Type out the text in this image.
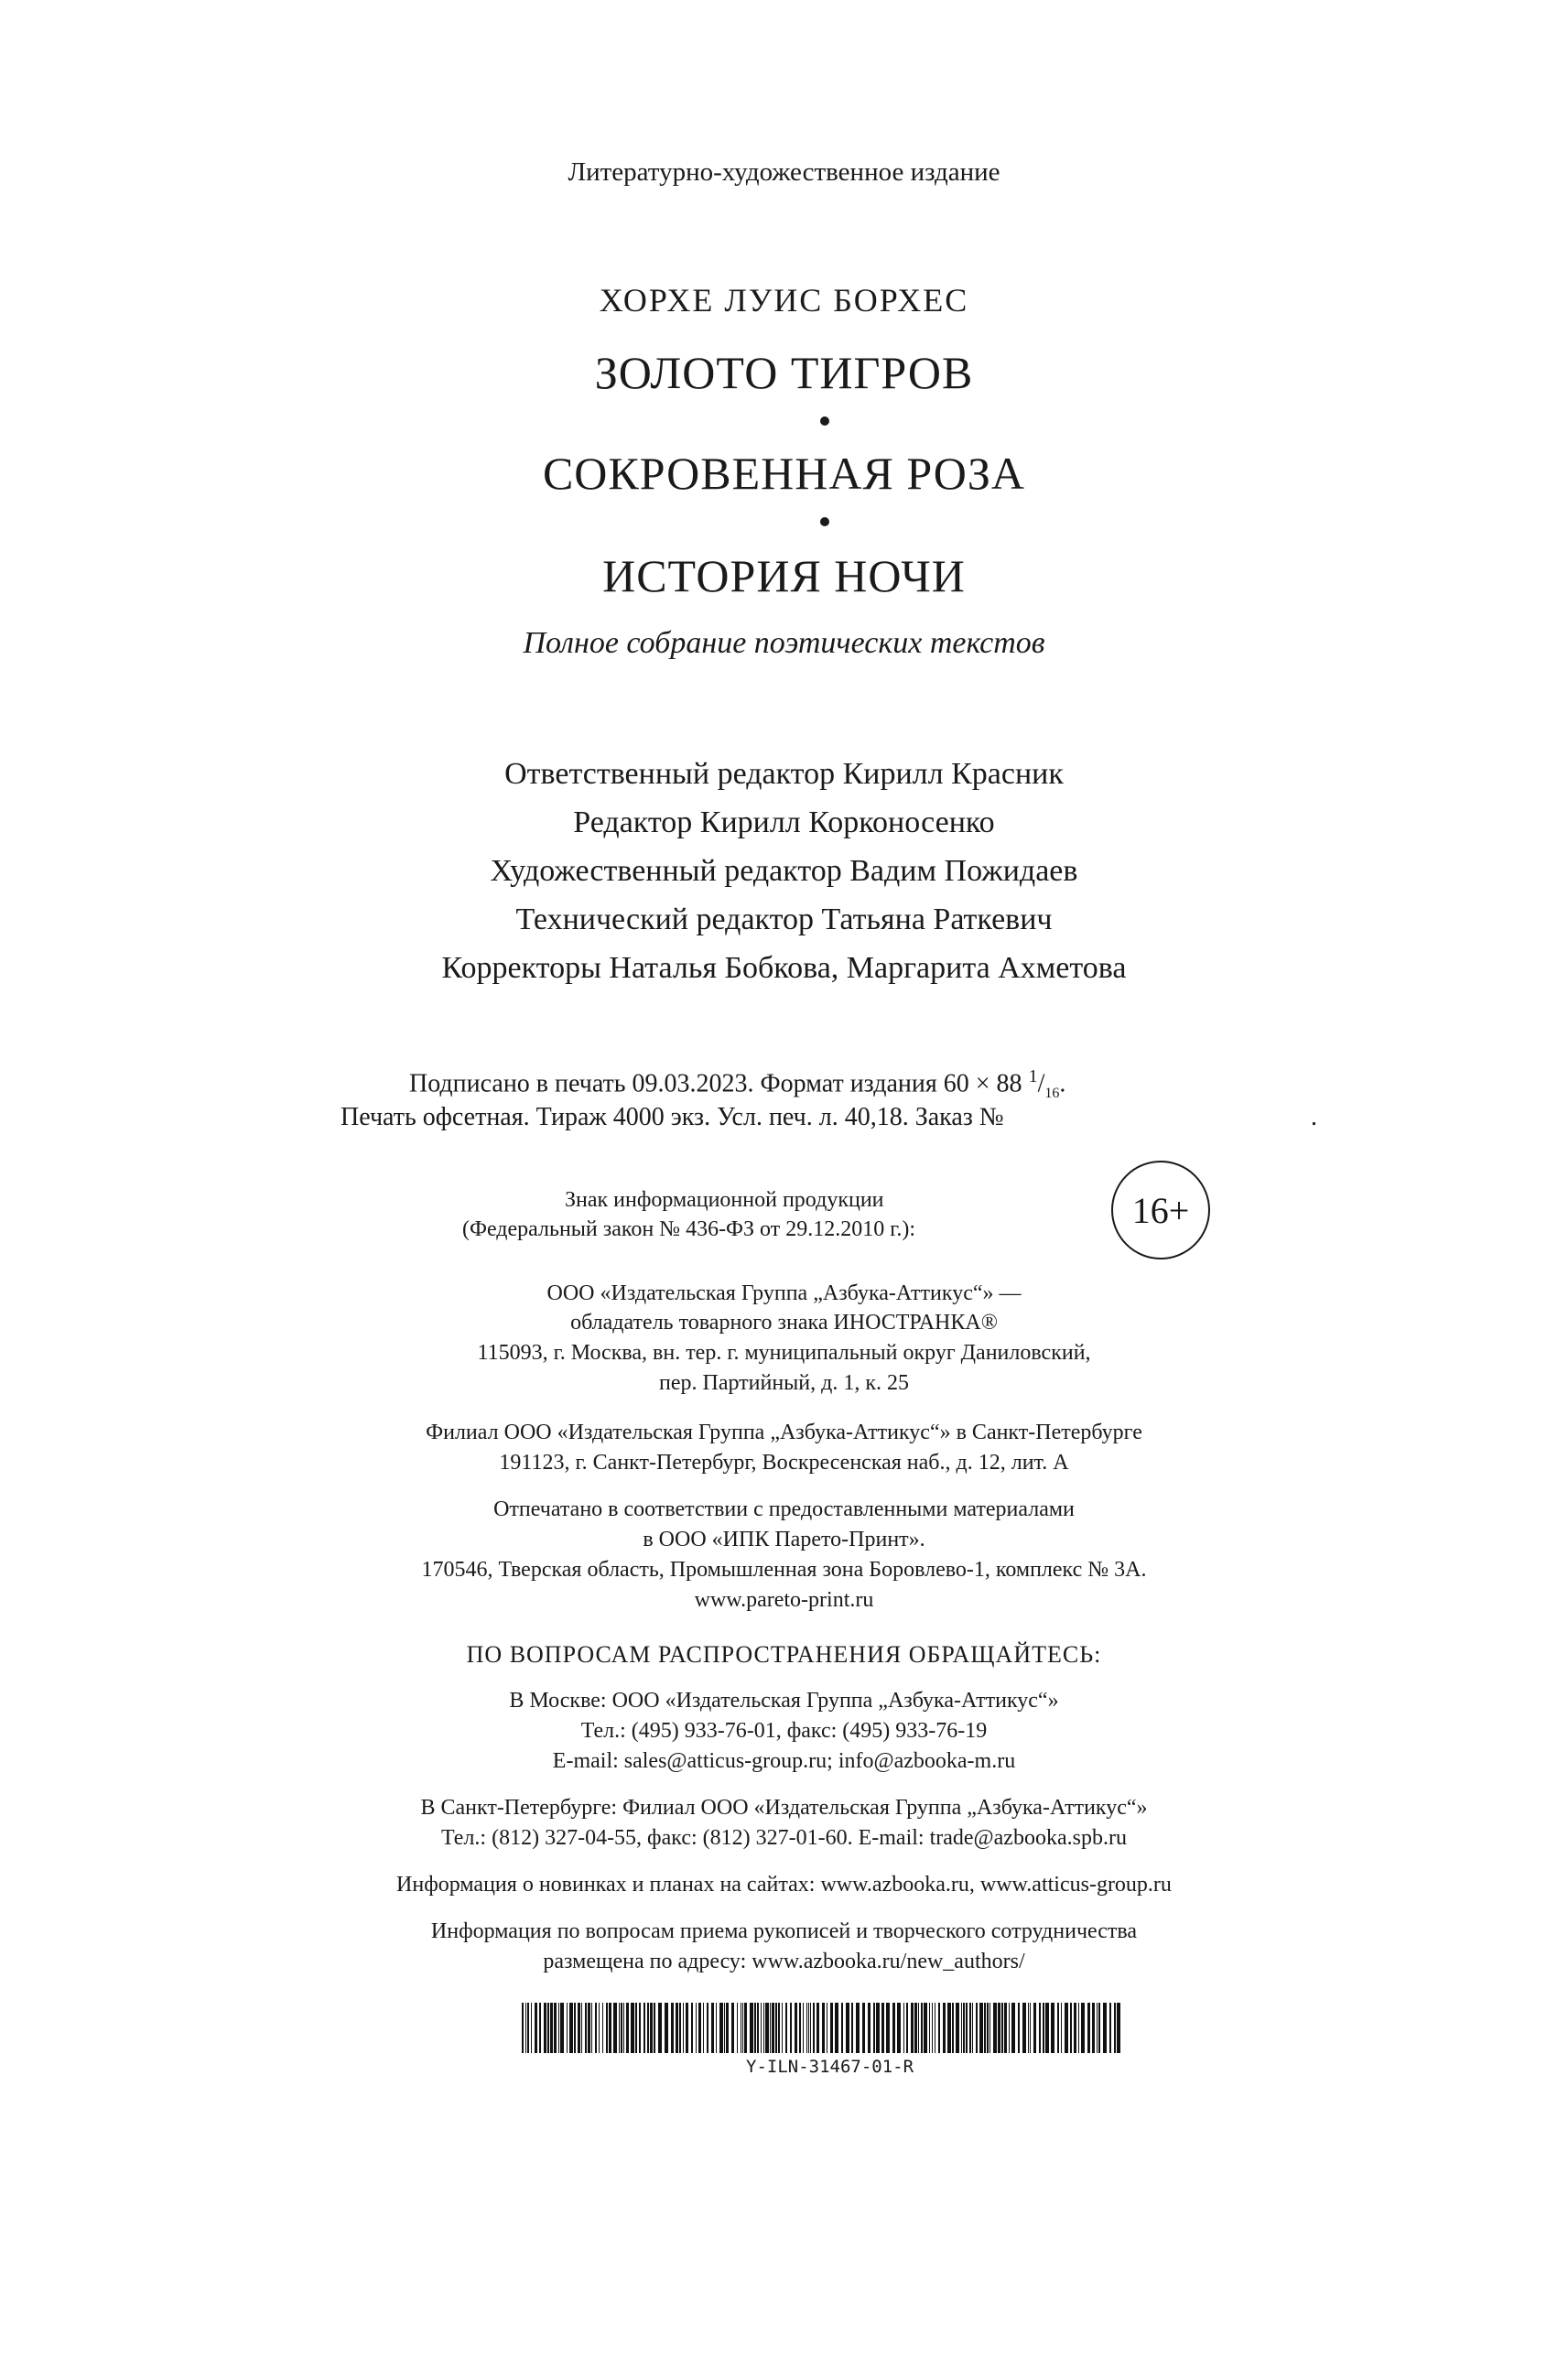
Литературно-художественное издание
ХОРХЕ ЛУИС БОРХЕС
ЗОЛОТО ТИГРОВ
СОКРОВЕННАЯ РОЗА
ИСТОРИЯ НОЧИ
Полное собрание поэтических текстов
Ответственный редактор Кирилл Красник
Редактор Кирилл Корконосенко
Художественный редактор Вадим Пожидаев
Технический редактор Татьяна Раткевич
Корректоры Наталья Бобкова, Маргарита Ахметова
Подписано в печать 09.03.2023. Формат издания 60 × 88 $^1/_{16}$.
Печать офсетная. Тираж 4000 экз. Усл. печ. л. 40,18. Заказ №	.
Знак информационной продукции
(Федеральный закон № 436-ФЗ от 29.12.2010 г.):	16+
ООО «Издательская Группа „Азбука-Аттикус“» —
обладатель товарного знака ИНОСТРАНКА®
115093, г. Москва, вн. тер. г. муниципальный округ Даниловский,
пер. Партийный, д. 1, к. 25
Филиал ООО «Издательская Группа „Азбука-Аттикус“» в Санкт-Петербурге
191123, г. Санкт-Петербург, Воскресенская наб., д. 12, лит. А
Отпечатано в соответствии с предоставленными материалами
в ООО «ИПК Парето-Принт».
170546, Тверская область, Промышленная зона Боровлево-1, комплекс № 3А.
www.pareto-print.ru
ПО ВОПРОСАМ РАСПРОСТРАНЕНИЯ ОБРАЩАЙТЕСЬ:
В Москве: ООО «Издательская Группа „Азбука-Аттикус“»
Тел.: (495) 933-76-01, факс: (495) 933-76-19
E-mail: sales@atticus-group.ru; info@azbooka-m.ru
В Санкт-Петербурге: Филиал ООО «Издательская Группа „Азбука-Аттикус“»
Тел.: (812) 327-04-55, факс: (812) 327-01-60. E-mail: trade@azbooka.spb.ru
Информация о новинках и планах на сайтах: www.azbooka.ru, www.atticus-group.ru
Информация по вопросам приема рукописей и творческого сотрудничества
размещена по адресу: www.azbooka.ru/new_authors/
Y-ILN-31467-01-R
